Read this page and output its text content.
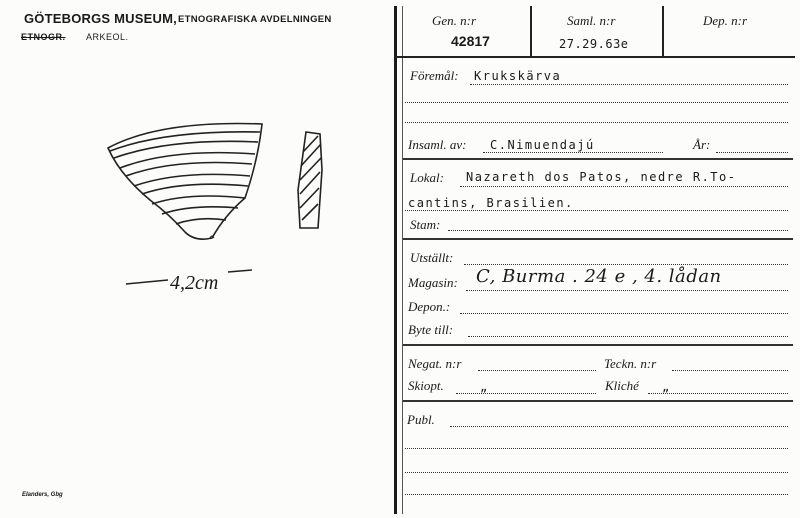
GÖTEBORGS MUSEUM, ETNOGRAFISKA AVDELNINGEN
ETNOGR. ARKEOL.
4,2cm
Elanders, Gbg
Gen. n:r
42817
Saml. n:r
27.29.63e
Dep. n:r
Föremål: Krukskärva
Insaml. av: C.Nimuendajú	År:
Lokal: Nazareth dos Patos, nedre R.To-
cantins, Brasilien.
Stam:
Utställt:
Magasin: C, Burma . 24 e , 4. lådan
Depon.:
Byte till:
Negat. n:r	Teckn. n:r
Skiopt.	„	Kliché „
Publ.
